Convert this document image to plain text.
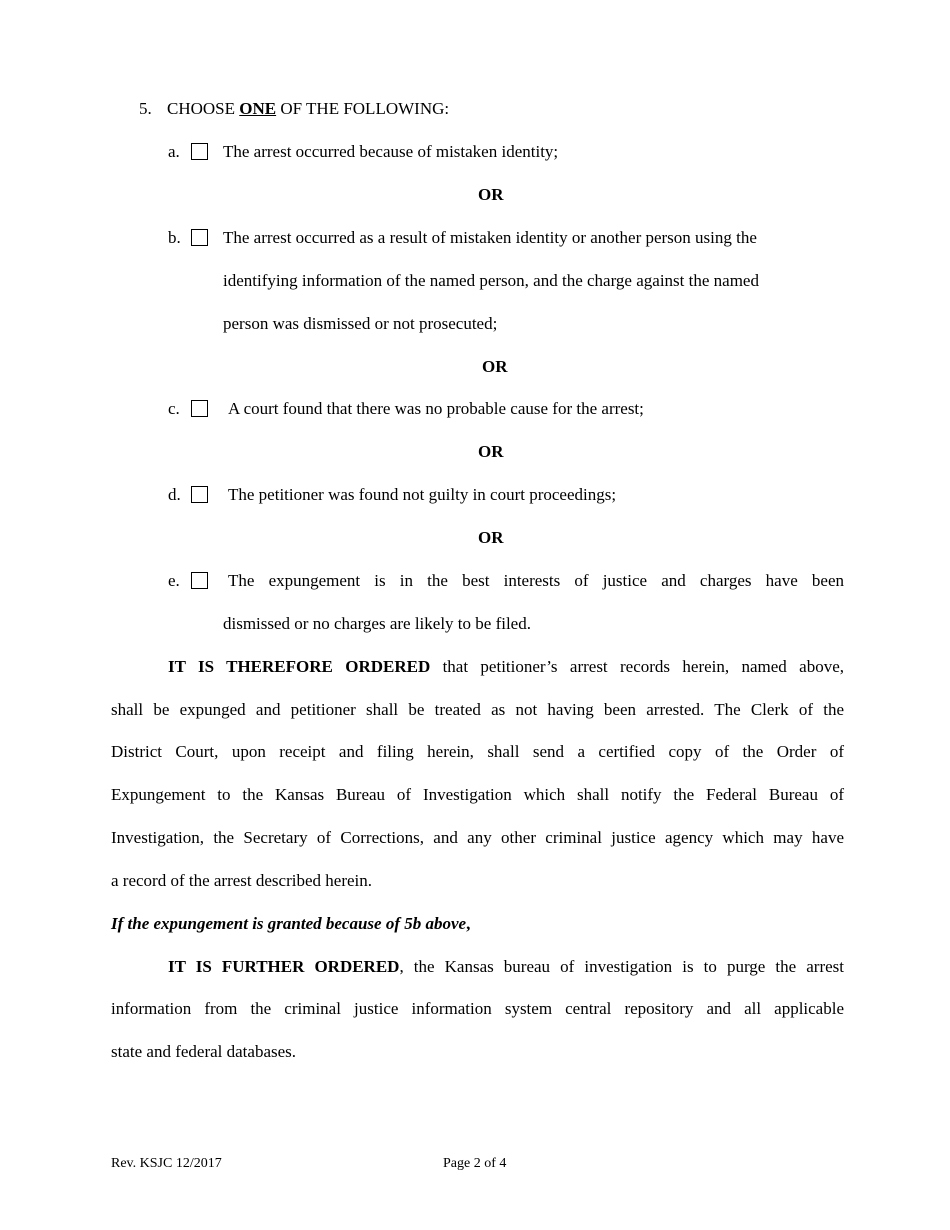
5. CHOOSE ONE OF THE FOLLOWING:
a.	The arrest occurred because of mistaken identity;
OR
b. The arrest occurred as a result of mistaken identity or another person using the
identifying information of the named person, and the charge against the named
person was dismissed or not prosecuted;
OR
c.	A court found that there was no probable cause for the arrest;
OR
d.	The petitioner was found not guilty in court proceedings;
OR
e.	The expungement is in the best interests of justice and charges have been
dismissed or no charges are likely to be filed.
IT IS THEREFORE ORDERED that petitioner’s arrest records herein, named above,
shall be expunged and petitioner shall be treated as not having been arrested. The Clerk of the
District Court, upon receipt and filing herein, shall send a certified copy of the Order of
Expungement to the Kansas Bureau of Investigation which shall notify the Federal Bureau of
Investigation, the Secretary of Corrections, and any other criminal justice agency which may have
a record of the arrest described herein.
If the expungement is granted because of 5b above,
IT IS FURTHER ORDERED, the Kansas bureau of investigation is to purge the arrest
information from the criminal justice information system central repository and all applicable
state and federal databases.
Rev. KSJC 12/2017	Page 2 of 4
